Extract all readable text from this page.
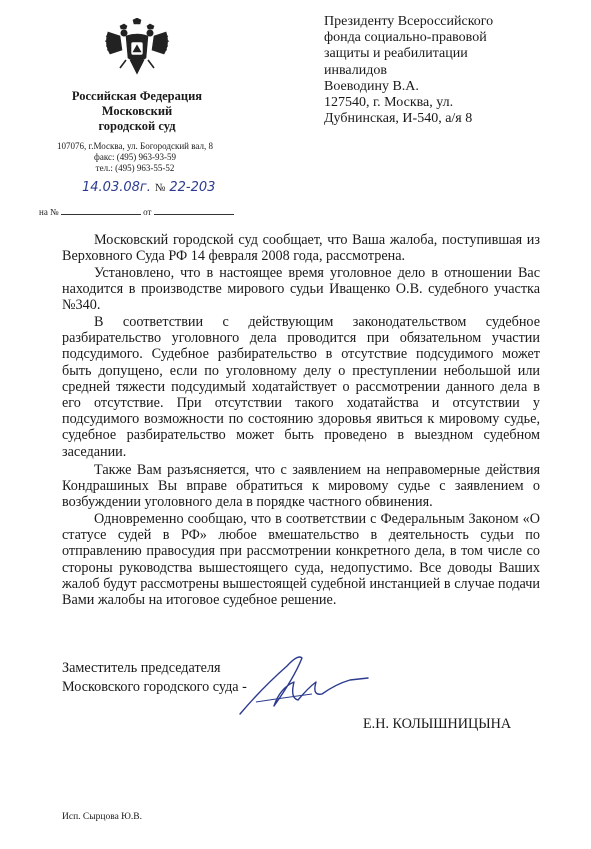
Российская Федерация
Московский
городской суд
107076, г.Москва, ул. Богородский вал, 8
факс: (495) 963-93-59
тел.: (495) 963-55-52
14.03.08г. № 22-203
на №	от
Президенту Всероссийского
фонда социально-правовой
защиты и реабилитации
инвалидов
Воеводину В.А.
127540, г. Москва, ул.
Дубнинская, И-540, а/я 8

Московский городской суд сообщает, что Ваша жалоба, поступившая из Верховного Суда РФ 14 февраля 2008 года, рассмотрена.

Установлено, что в настоящее время уголовное дело в отношении Вас находится в производстве мирового судьи Иващенко О.В. судебного участка №340.

В соответствии с действующим законодательством судебное разбирательство уголовного дела проводится при обязательном участии подсудимого. Судебное разбирательство в отсутствие подсудимого может быть допущено, если по уголовному делу о преступлении небольшой или средней тяжести подсудимый ходатайствует о рассмотрении данного дела в его отсутствие. При отсутствии такого ходатайства и отсутствии у подсудимого возможности по состоянию здоровья явиться к мировому судье, судебное разбирательство может быть проведено в выездном судебном заседании.

Также Вам разъясняется, что с заявлением на неправомерные действия Кондрашиных Вы вправе обратиться к мировому судье с заявлением о возбуждении уголовного дела в порядке частного обвинения.

Одновременно сообщаю, что в соответствии с Федеральным Законом «О статусе судей в РФ» любое вмешательство в деятельность судьи по отправлению правосудия при рассмотрении конкретного дела, в том числе со стороны руководства вышестоящего суда, недопустимо. Все доводы Ваших жалоб будут рассмотрены вышестоящей судебной инстанцией в случае подачи Вами жалобы на итоговое судебное решение.

Заместитель председателя
Московского городского суда -
Е.Н. КОЛЫШНИЦЫНА
Исп. Сырцова Ю.В.
